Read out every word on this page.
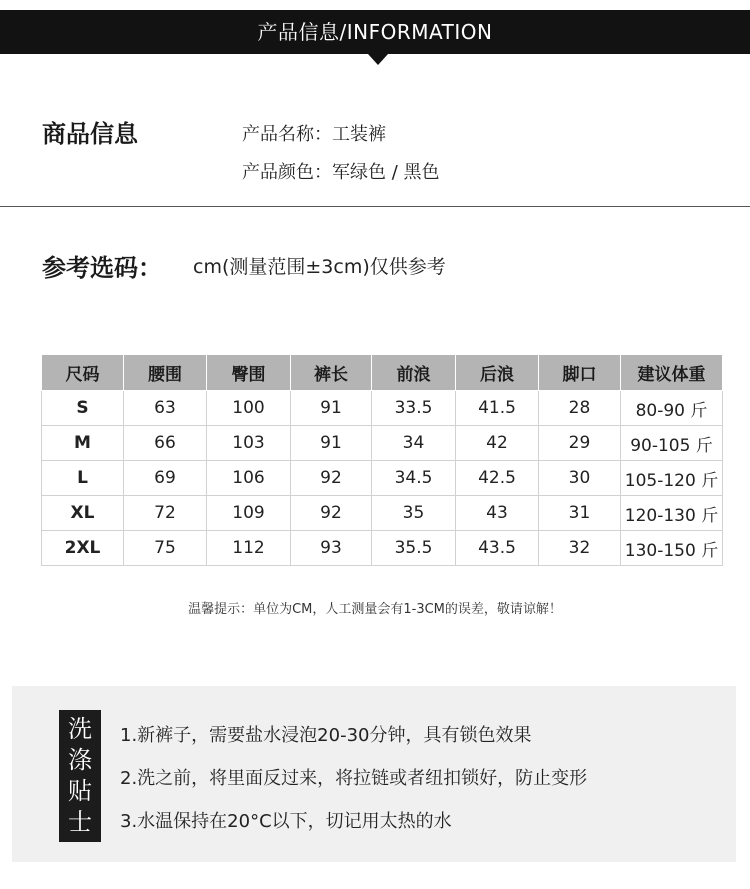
产品信息/INFORMATION
商品信息	产品名称：工装裤
产品颜色：军绿色 / 黑色
参考选码： cm(测量范围±3cm)仅供参考
尺码	腰围	臀围	裤长	前浪	后浪	脚口	建议体重
S	63	100	91	33.5	41.5	28	80-90 斤
M	66	103	91	34	42	29	90-105 斤
L	69	106	92	34.5	42.5	30	105-120 斤
XL	72	109	92	35	43	31	120-130 斤
2XL	75	112	93	35.5	43.5	32	130-150 斤
温馨提示：单位为CM，人工测量会有1-3CM的误差，敬请谅解！
洗
涤
贴
士
1.新裤子，需要盐水浸泡20-30分钟，具有锁色效果
2.洗之前，将里面反过来，将拉链或者纽扣锁好，防止变形
3.水温保持在20°C以下，切记用太热的水
